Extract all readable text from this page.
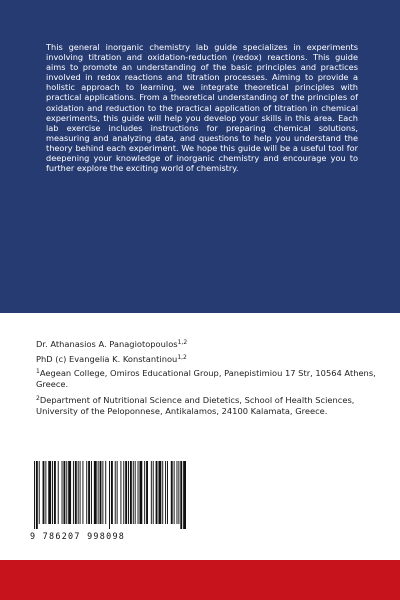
This general inorganic chemistry lab guide specializes in experiments involving titration and oxidation-reduction (redox) reactions. This guide aims to promote an understanding of the basic principles and practices involved in redox reactions and titration processes. Aiming to provide a holistic approach to learning, we integrate theoretical principles with practical applications. From a theoretical understanding of the principles of oxidation and reduction to the practical application of titration in chemical experiments, this guide will help you develop your skills in this area. Each lab exercise includes instructions for preparing chemical solutions, measuring and analyzing data, and questions to help you understand the theory behind each experiment. We hope this guide will be a useful tool for deepening your knowledge of inorganic chemistry and encourage you to further explore the exciting world of chemistry.

Dr. Athanasios A. Panagiotopoulos$^{1,2}$
PhD (c) Evangelia K. Konstantinou$^{1,2}$
$^1$Aegean College, Omiros Educational Group, Panepistimiou 17 Str, 10564 Athens, Greece.
$^2$Department of Nutritional Science and Dietetics, School of Health Sciences, University of the Peloponnese, Antikalamos, 24100 Kalamata, Greece.
9 786207 998098
